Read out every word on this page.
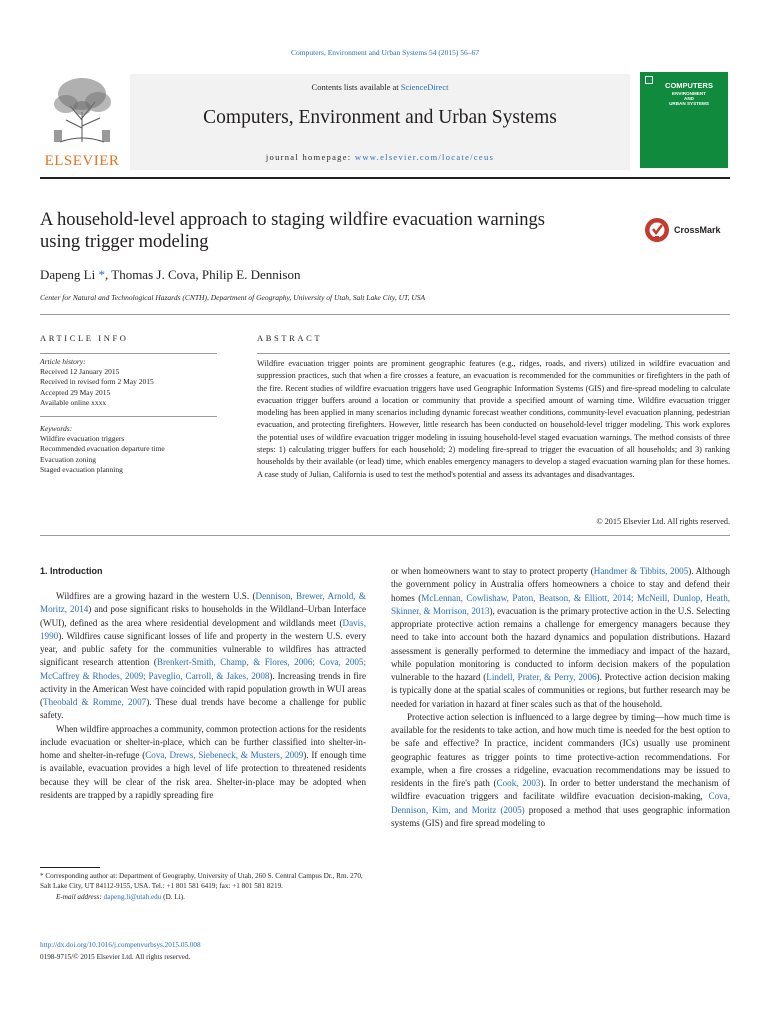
Computers, Environment and Urban Systems 54 (2015) 56–67
Contents lists available at ScienceDirect
Computers, Environment and Urban Systems
journal homepage: www.elsevier.com/locate/ceus
ELSEVIER
COMPUTERS
ENVIRONMENT
AND
URBAN SYSTEMS
A household-level approach to staging wildfire evacuation warnings
using trigger modeling
CrossMark
Dapeng Li *, Thomas J. Cova, Philip E. Dennison
Center for Natural and Technological Hazards (CNTH), Department of Geography, University of Utah, Salt Lake City, UT, USA
ARTICLE INFO
Article history:
Received 12 January 2015
Received in revised form 2 May 2015
Accepted 29 May 2015
Available online xxxx
Keywords:
Wildfire evacuation triggers
Recommended evacuation departure time
Evacuation zoning
Staged evacuation planning
ABSTRACT
Wildfire evacuation trigger points are prominent geographic features (e.g., ridges, roads, and rivers) utilized in wildfire evacuation and suppression practices, such that when a fire crosses a feature, an evacuation is recommended for the communities or firefighters in the path of the fire. Recent studies of wildfire evacuation triggers have used Geographic Information Systems (GIS) and fire-spread modeling to calculate evacuation trigger buffers around a location or community that provide a specified amount of warning time. Wildfire evacuation trigger modeling has been applied in many scenarios including dynamic forecast weather conditions, community-level evacuation planning, pedestrian evacuation, and protecting firefighters. However, little research has been conducted on household-level trigger modeling. This work explores the potential uses of wildfire evacuation trigger modeling in issuing household-level staged evacuation warnings. The method consists of three steps: 1) calculating trigger buffers for each household; 2) modeling fire-spread to trigger the evacuation of all households; and 3) ranking households by their available (or lead) time, which enables emergency managers to develop a staged evacuation warning plan for these homes. A case study of Julian, California is used to test the method's potential and assess its advantages and disadvantages.
© 2015 Elsevier Ltd. All rights reserved.
1. Introduction

Wildfires are a growing hazard in the western U.S. (Dennison, Brewer, Arnold, & Moritz, 2014) and pose significant risks to households in the Wildland–Urban Interface (WUI), defined as the area where residential development and wildlands meet (Davis, 1990). Wildfires cause significant losses of life and property in the western U.S. every year, and public safety for the communities vulnerable to wildfires has attracted significant research attention (Brenkert-Smith, Champ, & Flores, 2006; Cova, 2005; McCaffrey & Rhodes, 2009; Paveglio, Carroll, & Jakes, 2008). Increasing trends in fire activity in the American West have coincided with rapid population growth in WUI areas (Theobald & Romme, 2007). These dual trends have become a challenge for public safety.

When wildfire approaches a community, common protection actions for the residents include evacuation or shelter-in-place, which can be further classified into shelter-in-home and shelter-in-refuge (Cova, Drews, Siebeneck, & Musters, 2009). If enough time is available, evacuation provides a high level of life protection to threatened residents because they will be clear of the risk area. Shelter-in-place may be adopted when residents are trapped by a rapidly spreading fire

or when homeowners want to stay to protect property (Handmer & Tibbits, 2005). Although the government policy in Australia offers homeowners a choice to stay and defend their homes (McLennan, Cowlishaw, Paton, Beatson, & Elliott, 2014; McNeill, Dunlop, Heath, Skinner, & Morrison, 2013), evacuation is the primary protective action in the U.S. Selecting appropriate protective action remains a challenge for emergency managers because they need to take into account both the hazard dynamics and population distributions. Hazard assessment is generally performed to determine the immediacy and impact of the hazard, while population monitoring is conducted to inform decision makers of the population vulnerable to the hazard (Lindell, Prater, & Perry, 2006). Protective action decision making is typically done at the spatial scales of communities or regions, but further research may be needed for variation in hazard at finer scales such as that of the household.

Protective action selection is influenced to a large degree by timing—how much time is available for the residents to take action, and how much time is needed for the best option to be safe and effective? In practice, incident commanders (ICs) usually use prominent geographic features as trigger points to time protective-action recommendations. For example, when a fire crosses a ridgeline, evacuation recommendations may be issued to residents in the fire's path (Cook, 2003). In order to better understand the mechanism of wildfire evacuation triggers and facilitate wildfire evacuation decision-making, Cova, Dennison, Kim, and Moritz (2005) proposed a method that uses geographic information systems (GIS) and fire spread modeling to

* Corresponding author at: Department of Geography, University of Utah, 260 S. Central Campus Dr., Rm. 270, Salt Lake City, UT 84112-9155, USA. Tel.: +1 801 581 6419; fax: +1 801 581 8219.
E-mail address: dapeng.li@utah.edu (D. Li).
http://dx.doi.org/10.1016/j.compenvurbsys.2015.05.008
0198-9715/© 2015 Elsevier Ltd. All rights reserved.
